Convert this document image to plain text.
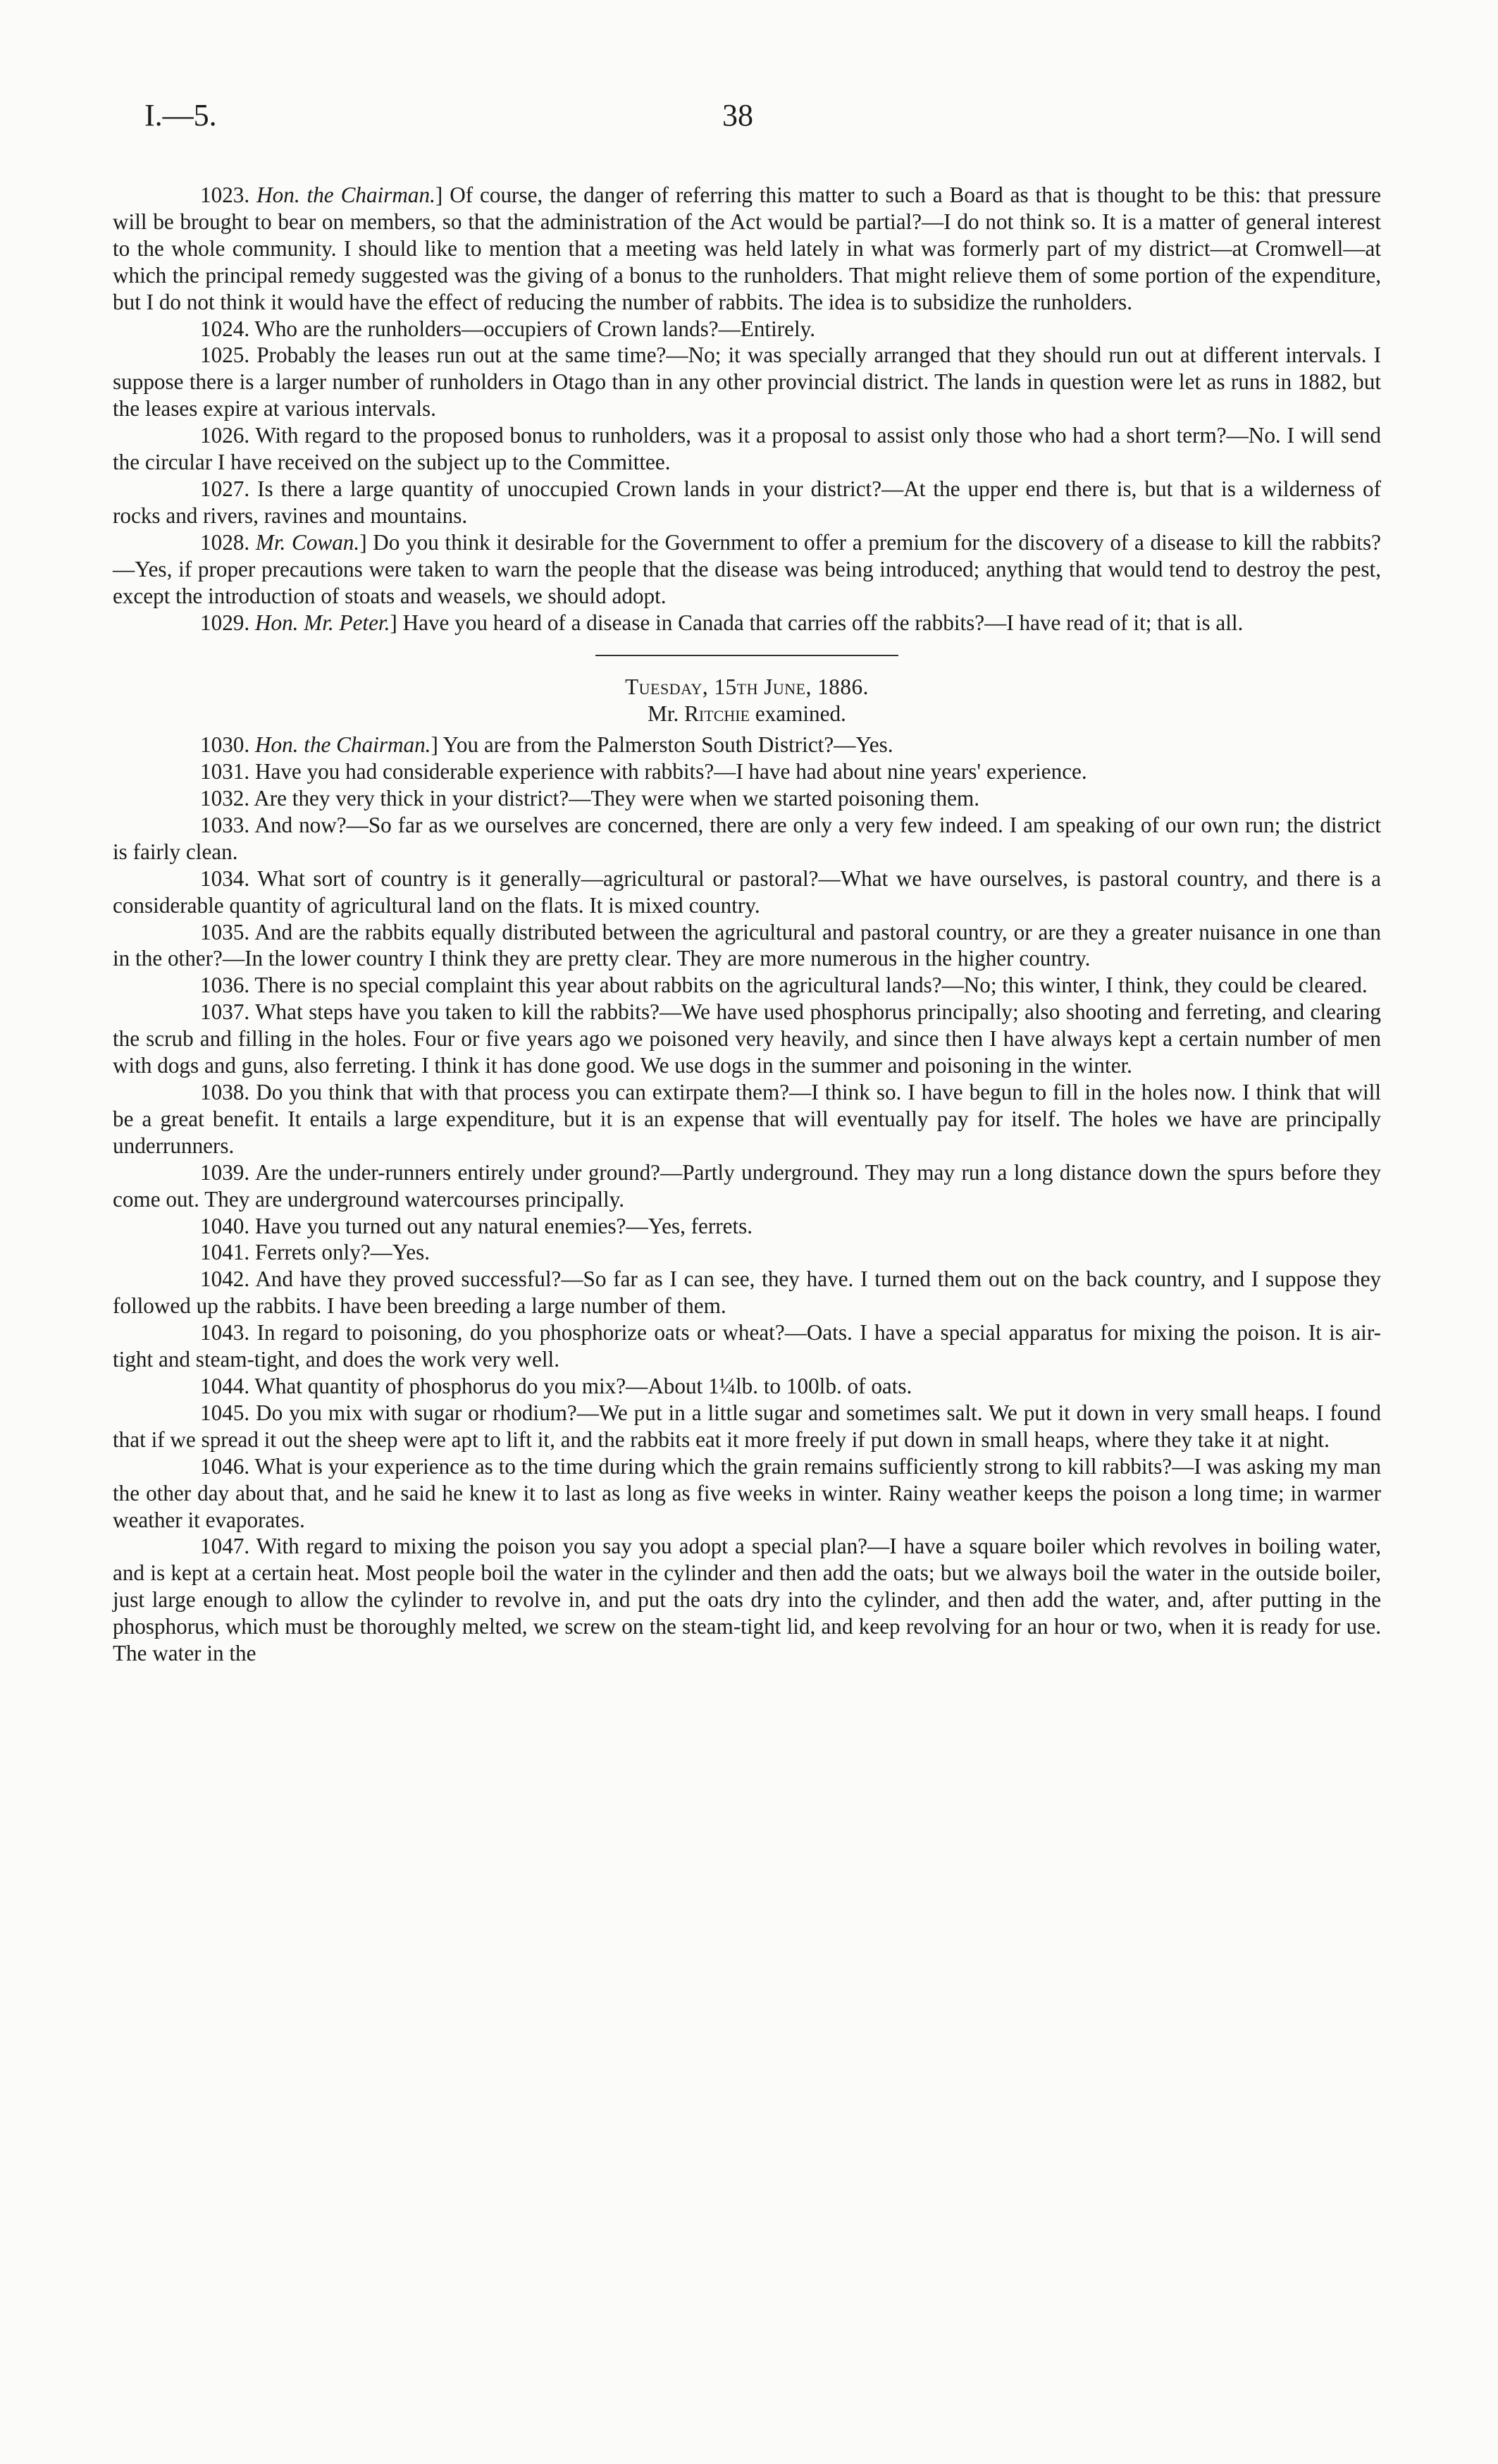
I.—5.	38

1023. Hon. the Chairman.] Of course, the danger of referring this matter to such a Board as that is thought to be this: that pressure will be brought to bear on members, so that the administration of the Act would be partial?—I do not think so. It is a matter of general interest to the whole community. I should like to mention that a meeting was held lately in what was formerly part of my district—at Cromwell—at which the principal remedy suggested was the giving of a bonus to the runholders. That might relieve them of some portion of the expenditure, but I do not think it would have the effect of reducing the number of rabbits. The idea is to subsidize the runholders.

1024. Who are the runholders—occupiers of Crown lands?—Entirely.

1025. Probably the leases run out at the same time?—No; it was specially arranged that they should run out at different intervals. I suppose there is a larger number of runholders in Otago than in any other provincial district. The lands in question were let as runs in 1882, but the leases expire at various intervals.

1026. With regard to the proposed bonus to runholders, was it a proposal to assist only those who had a short term?—No. I will send the circular I have received on the subject up to the Committee.

1027. Is there a large quantity of unoccupied Crown lands in your district?—At the upper end there is, but that is a wilderness of rocks and rivers, ravines and mountains.

1028. Mr. Cowan.] Do you think it desirable for the Government to offer a premium for the discovery of a disease to kill the rabbits?—Yes, if proper precautions were taken to warn the people that the disease was being introduced; anything that would tend to destroy the pest, except the introduction of stoats and weasels, we should adopt.

1029. Hon. Mr. Peter.] Have you heard of a disease in Canada that carries off the rabbits?—I have read of it; that is all.

Tuesday, 15th June, 1886.

Mr. Ritchie examined.

1030. Hon. the Chairman.] You are from the Palmerston South District?—Yes.

1031. Have you had considerable experience with rabbits?—I have had about nine years' experience.

1032. Are they very thick in your district?—They were when we started poisoning them.

1033. And now?—So far as we ourselves are concerned, there are only a very few indeed. I am speaking of our own run; the district is fairly clean.

1034. What sort of country is it generally—agricultural or pastoral?—What we have ourselves, is pastoral country, and there is a considerable quantity of agricultural land on the flats. It is mixed country.

1035. And are the rabbits equally distributed between the agricultural and pastoral country, or are they a greater nuisance in one than in the other?—In the lower country I think they are pretty clear. They are more numerous in the higher country.

1036. There is no special complaint this year about rabbits on the agricultural lands?—No; this winter, I think, they could be cleared.

1037. What steps have you taken to kill the rabbits?—We have used phosphorus principally; also shooting and ferreting, and clearing the scrub and filling in the holes. Four or five years ago we poisoned very heavily, and since then I have always kept a certain number of men with dogs and guns, also ferreting. I think it has done good. We use dogs in the summer and poisoning in the winter.

1038. Do you think that with that process you can extirpate them?—I think so. I have begun to fill in the holes now. I think that will be a great benefit. It entails a large expenditure, but it is an expense that will eventually pay for itself. The holes we have are principally underrunners.

1039. Are the under-runners entirely under ground?—Partly underground. They may run a long distance down the spurs before they come out. They are underground watercourses principally.

1040. Have you turned out any natural enemies?—Yes, ferrets.

1041. Ferrets only?—Yes.

1042. And have they proved successful?—So far as I can see, they have. I turned them out on the back country, and I suppose they followed up the rabbits. I have been breeding a large number of them.

1043. In regard to poisoning, do you phosphorize oats or wheat?—Oats. I have a special apparatus for mixing the poison. It is air-tight and steam-tight, and does the work very well.

1044. What quantity of phosphorus do you mix?—About 1¼lb. to 100lb. of oats.

1045. Do you mix with sugar or rhodium?—We put in a little sugar and sometimes salt. We put it down in very small heaps. I found that if we spread it out the sheep were apt to lift it, and the rabbits eat it more freely if put down in small heaps, where they take it at night.

1046. What is your experience as to the time during which the grain remains sufficiently strong to kill rabbits?—I was asking my man the other day about that, and he said he knew it to last as long as five weeks in winter. Rainy weather keeps the poison a long time; in warmer weather it evaporates.

1047. With regard to mixing the poison you say you adopt a special plan?—I have a square boiler which revolves in boiling water, and is kept at a certain heat. Most people boil the water in the cylinder and then add the oats; but we always boil the water in the outside boiler, just large enough to allow the cylinder to revolve in, and put the oats dry into the cylinder, and then add the water, and, after putting in the phosphorus, which must be thoroughly melted, we screw on the steam-tight lid, and keep revolving for an hour or two, when it is ready for use. The water in the
